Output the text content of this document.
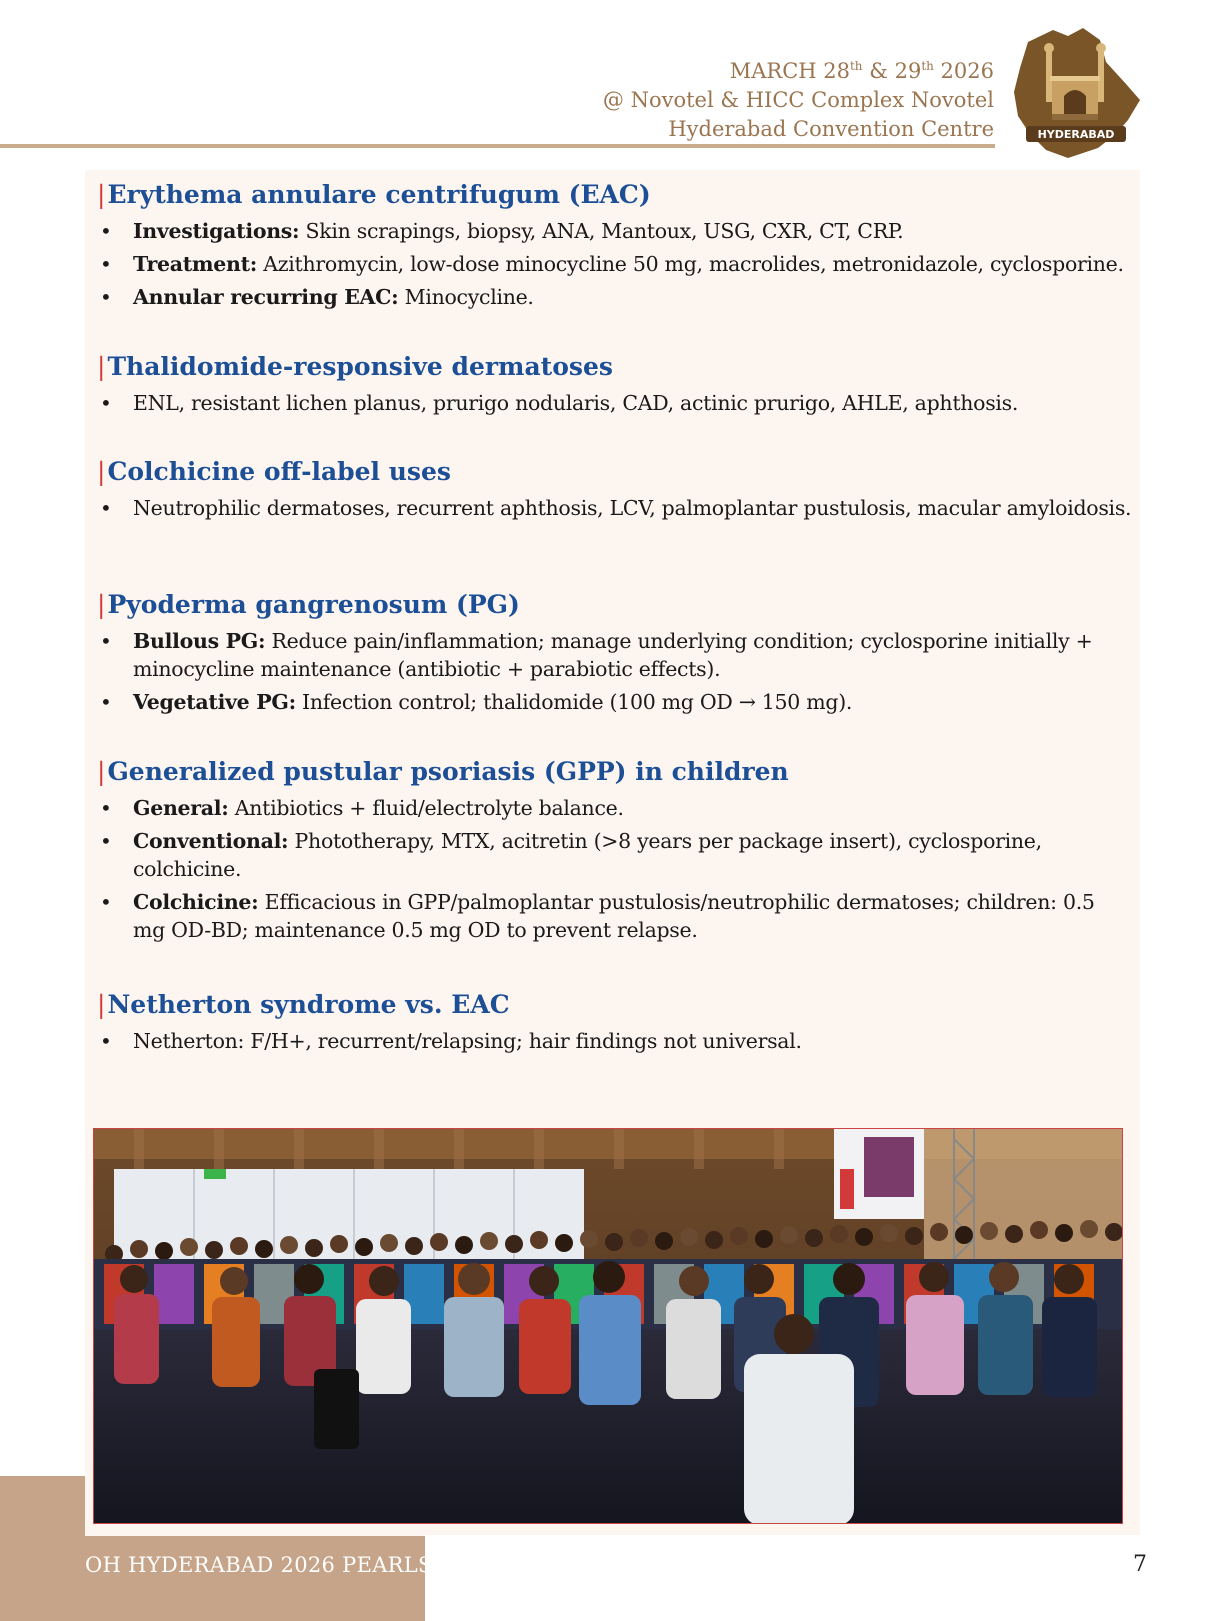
MARCH 28th & 29th 2026
@ Novotel & HICC Complex Novotel
Hyderabad Convention Centre	HYDERABAD
|Erythema annulare centrifugum (EAC)
• Investigations: Skin scrapings, biopsy, ANA, Mantoux, USG, CXR, CT, CRP.
• Treatment: Azithromycin, low-dose minocycline 50 mg, macrolides, metronidazole, cyclosporine.
• Annular recurring EAC: Minocycline.
|Thalidomide-responsive dermatoses
• ENL, resistant lichen planus, prurigo nodularis, CAD, actinic prurigo, AHLE, aphthosis.
|Colchicine off-label uses
• Neutrophilic dermatoses, recurrent aphthosis, LCV, palmoplantar pustulosis, macular amyloidosis.
|Pyoderma gangrenosum (PG)
• Bullous PG: Reduce pain/inflammation; manage underlying condition; cyclosporine initially + minocycline maintenance (antibiotic + parabiotic effects).
• Vegetative PG: Infection control; thalidomide (100 mg OD → 150 mg).
|Generalized pustular psoriasis (GPP) in children
• General: Antibiotics + fluid/electrolyte balance.
• Conventional: Phototherapy, MTX, acitretin (>8 years per package insert), cyclosporine, colchicine.
• Colchicine: Efficacious in GPP/palmoplantar pustulosis/neutrophilic dermatoses; children: 0.5 mg OD-BD; maintenance 0.5 mg OD to prevent relapse.
|Netherton syndrome vs. EAC
• Netherton: F/H+, recurrent/relapsing; hair findings not universal.
OH HYDERABAD 2026 PEARLS	7
